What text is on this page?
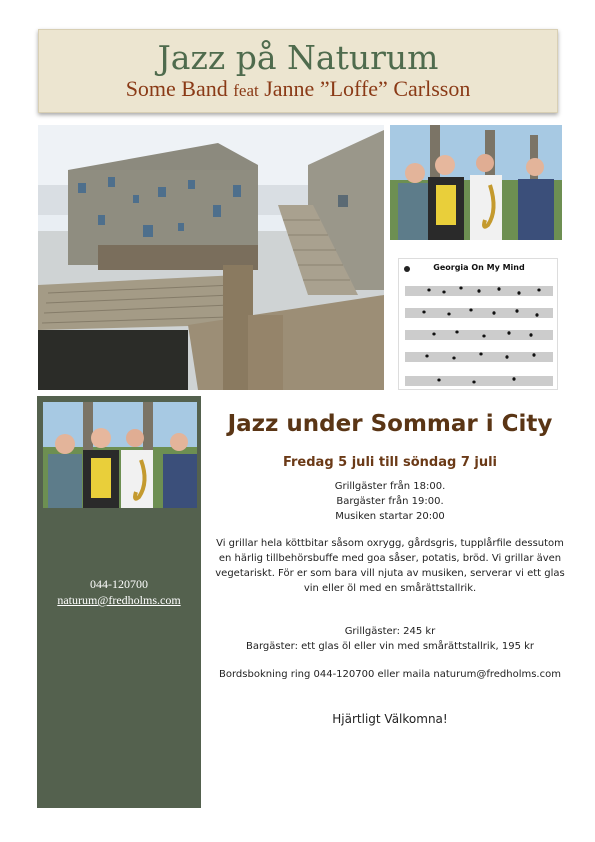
Jazz på Naturum
Some Band feat Janne ”Loffe” Carlsson
Georgia On My Mind
044-120700
naturum@fredholms.com
Jazz under Sommar i City
Fredag 5 juli till söndag 7 juli
Grillgäster från 18:00.
Bargäster från 19:00.
Musiken startar 20:00
Vi grillar hela köttbitar såsom oxrygg, gårdsgris, tupplårfile dessutom en härlig tillbehörsbuffe med goa såser, potatis, bröd. Vi grillar även vegetariskt. För er som bara vill njuta av musiken, serverar vi ett glas vin eller öl med en smårättstallrik.
Grillgäster: 245 kr
Bargäster: ett glas öl eller vin med smårättstallrik, 195 kr
Bordsbokning ring 044-120700 eller maila naturum@fredholms.com
Hjärtligt Välkomna!
